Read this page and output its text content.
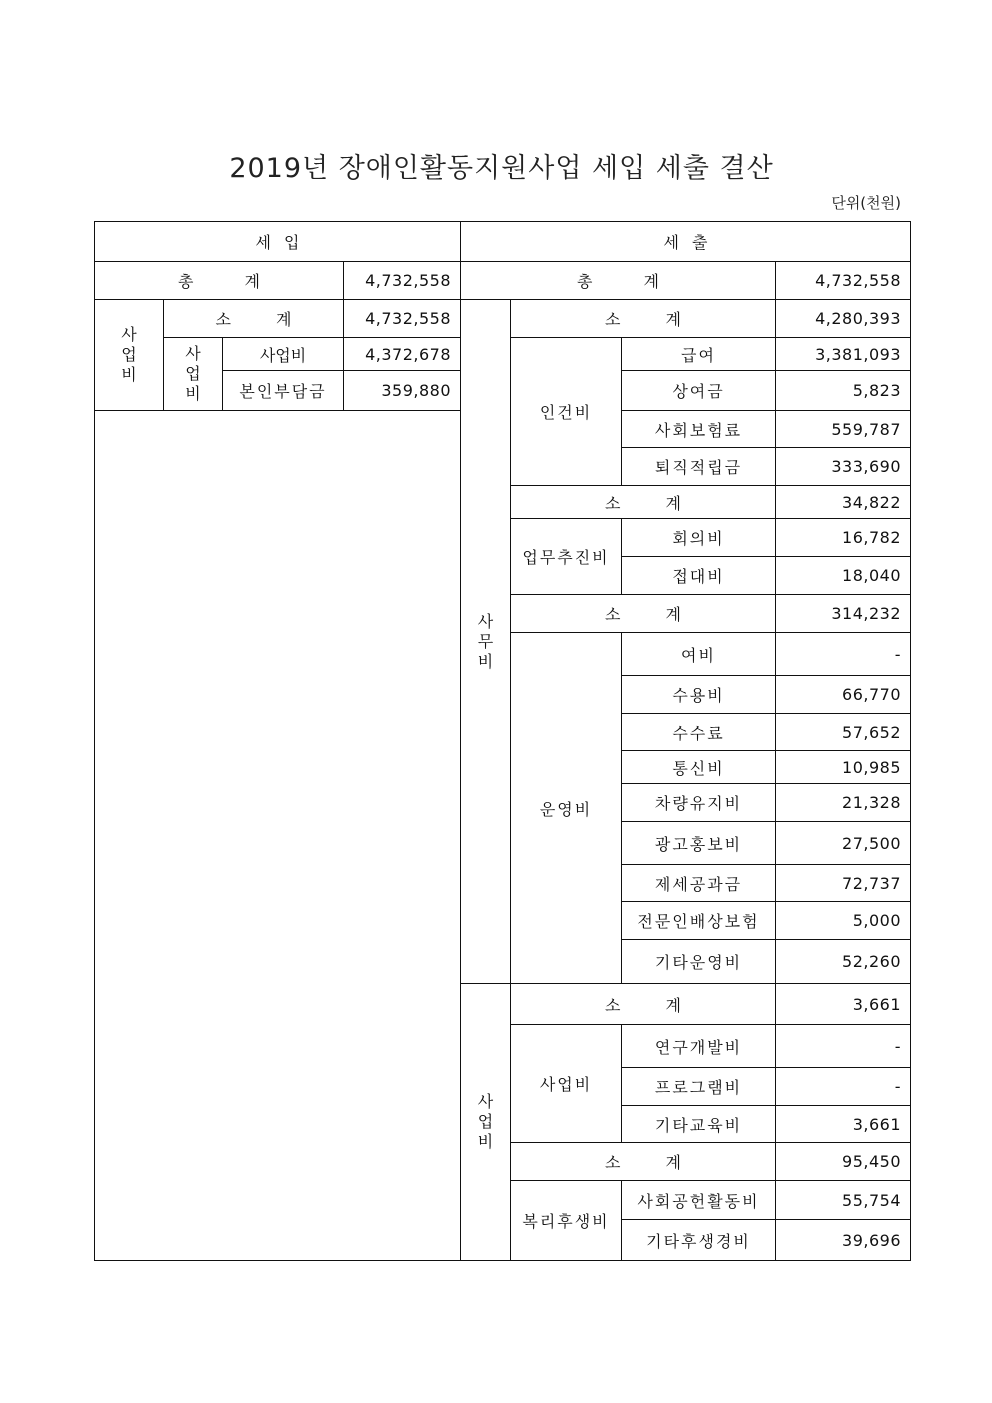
2019년 장애인활동지원사업 세입 세출 결산
단위(천원)
세 입				세 출			
총 계			4,732,558	총 계			4,732,558
사업비	소 계		4,732,558	사무비	소 계		4,280,393
	사업비	사업비	4,372,678		인건비	급여	3,381,093
		본인부담금	359,880			상여금	5,823
						사회보험료	559,787
						퇴직적립금	333,690
					소 계		34,822
					업무추진비	회의비	16,782
						접대비	18,040
					소 계		314,232
					운영비	여비	-
						수용비	66,770
						수수료	57,652
						통신비	10,985
						차량유지비	21,328
						광고홍보비	27,500
						제세공과금	72,737
						전문인배상보험	5,000
						기타운영비	52,260
				사업비	소 계		3,661
					사업비	연구개발비	-
						프로그램비	-
						기타교육비	3,661
					소 계		95,450
					복리후생비	사회공헌활동비	55,754
						기타후생경비	39,696
